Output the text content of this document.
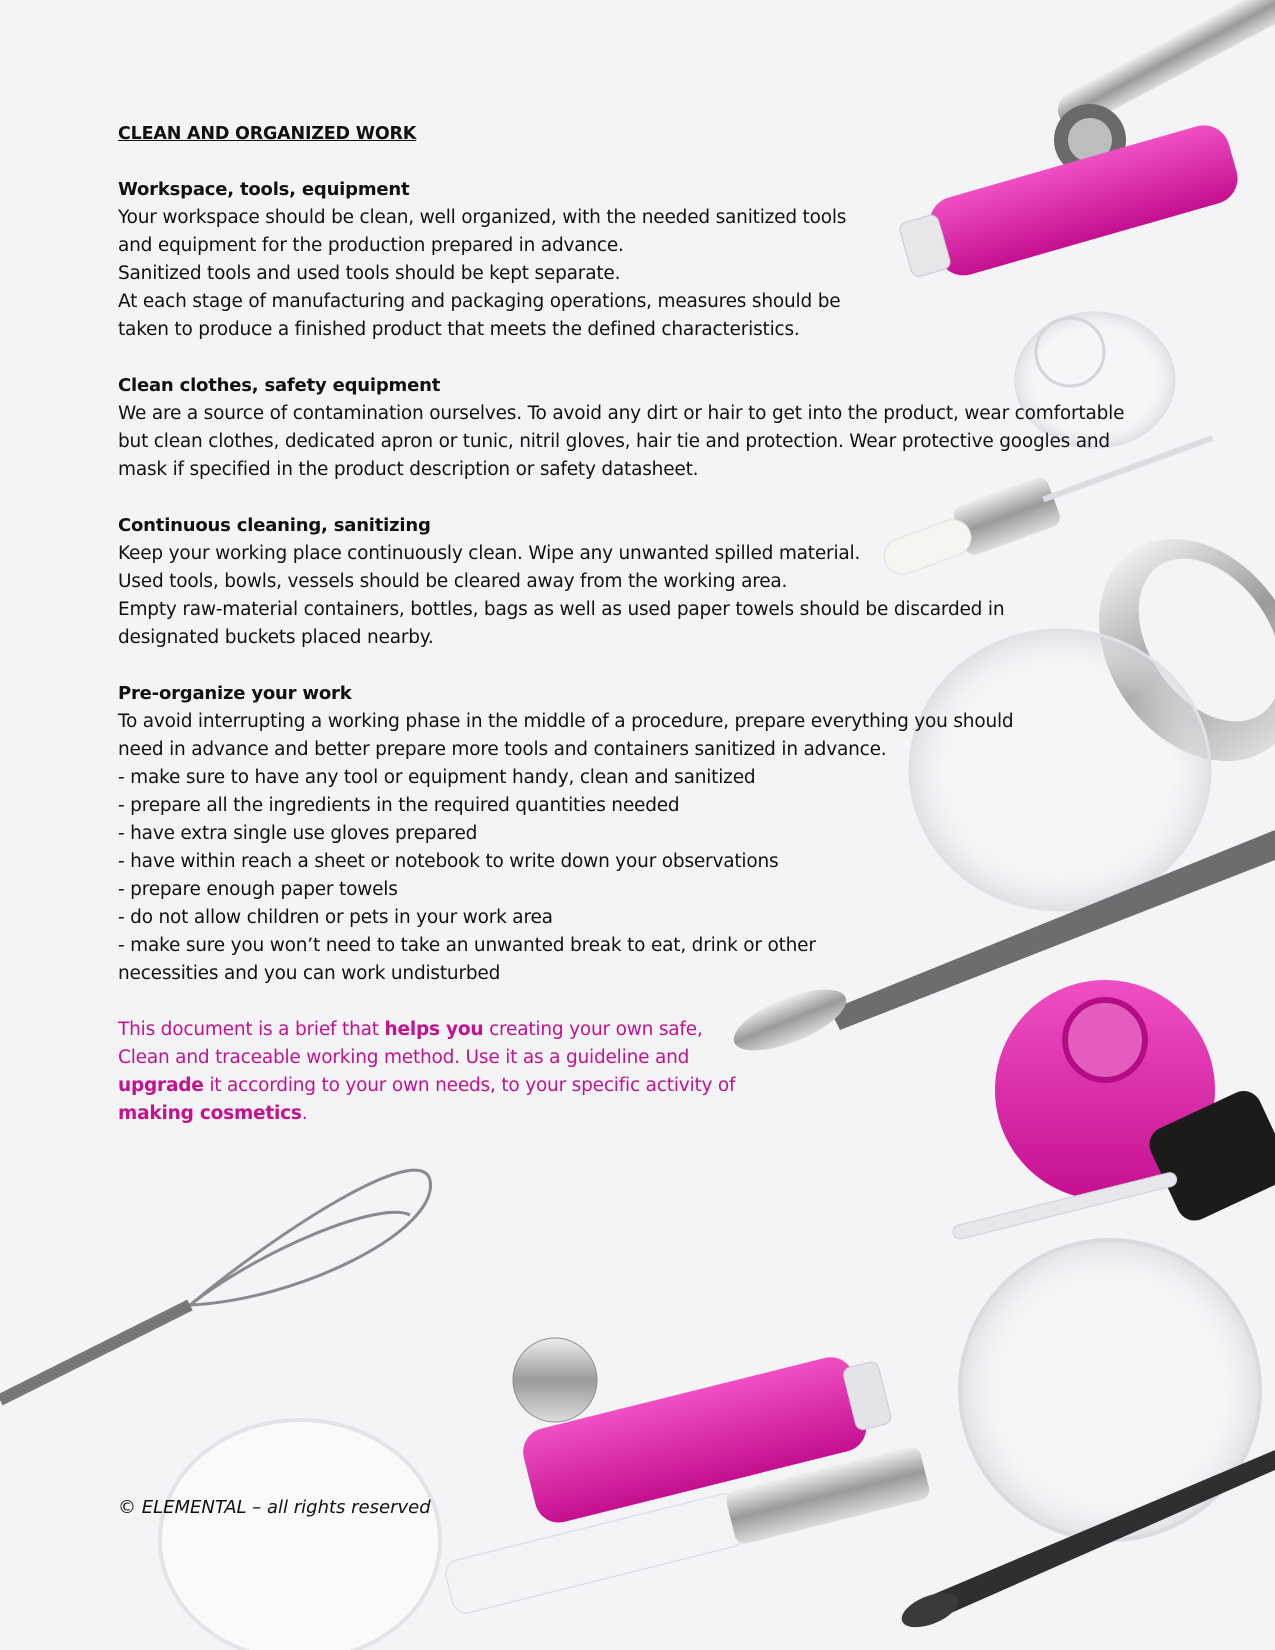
CLEAN AND ORGANIZED WORK
Workspace, tools, equipment
Your workspace should be clean, well organized, with the needed sanitized tools
and equipment for the production prepared in advance.
Sanitized tools and used tools should be kept separate.
At each stage of manufacturing and packaging operations, measures should be
taken to produce a finished product that meets the defined characteristics.
Clean clothes, safety equipment
We are a source of contamination ourselves. To avoid any dirt or hair to get into the product, wear comfortable
but clean clothes, dedicated apron or tunic, nitril gloves, hair tie and protection. Wear protective googles and
mask if specified in the product description or safety datasheet.
Continuous cleaning, sanitizing
Keep your working place continuously clean. Wipe any unwanted spilled material.
Used tools, bowls, vessels should be cleared away from the working area.
Empty raw-material containers, bottles, bags as well as used paper towels should be discarded in
designated buckets placed nearby.
Pre-organize your work
To avoid interrupting a working phase in the middle of a procedure, prepare everything you should
need in advance and better prepare more tools and containers sanitized in advance.
- make sure to have any tool or equipment handy, clean and sanitized
- prepare all the ingredients in the required quantities needed
- have extra single use gloves prepared
- have within reach a sheet or notebook to write down your observations
- prepare enough paper towels
- do not allow children or pets in your work area
- make sure you won’t need to take an unwanted break to eat, drink or other
necessities and you can work undisturbed

This document is a brief that helps you creating your own safe, Clean and traceable working method. Use it as a guideline and upgrade it according to your own needs, to your specific activity of making cosmetics.

© ELEMENTAL – all rights reserved
